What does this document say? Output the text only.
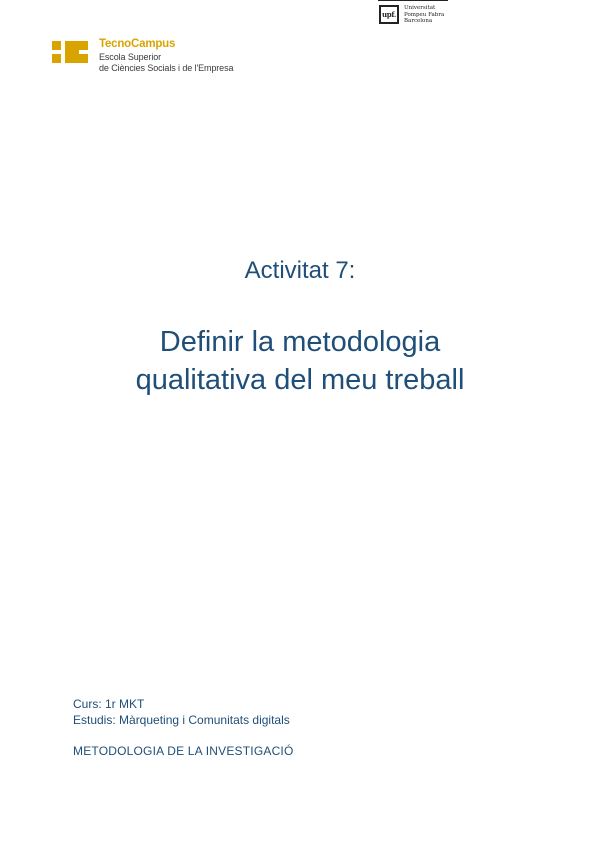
upf.
Universitat
Pompeu Fabra
Barcelona
TecnoCampus
Escola Superior
de Ciències Socials i de l'Empresa
Activitat 7:
Definir la metodologia
qualitativa del meu treball
Curs: 1r MKT
Estudis: Màrqueting i Comunitats digitals
METODOLOGIA DE LA INVESTIGACIÓ
